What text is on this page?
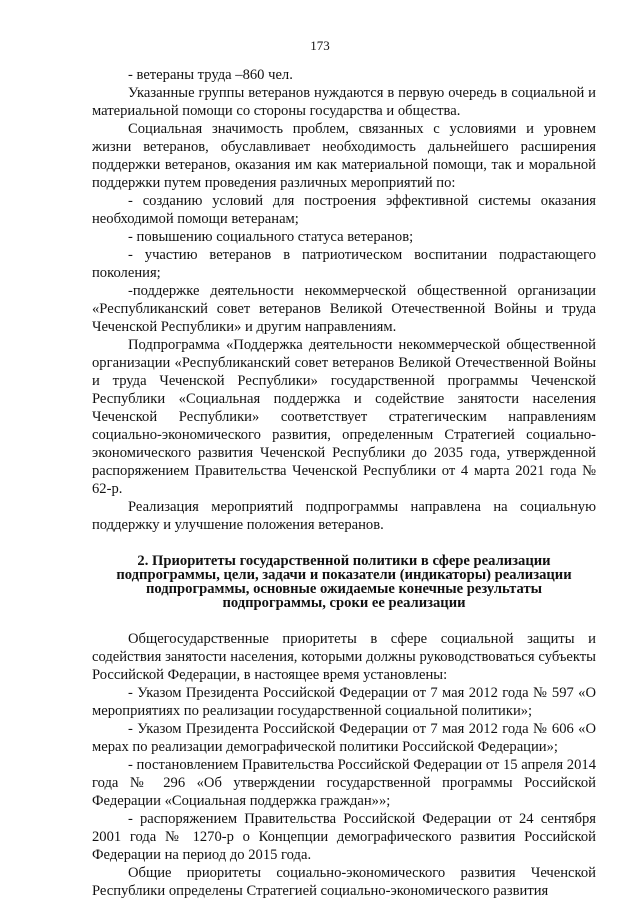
173

- ветераны труда –860 чел.

Указанные группы ветеранов нуждаются в первую очередь в социальной и материальной помощи со стороны государства и общества.

Социальная значимость проблем, связанных с условиями и уровнем жизни ветеранов, обуславливает необходимость дальнейшего расширения поддержки ветеранов, оказания им как материальной помощи, так и моральной поддержки путем проведения различных мероприятий по:

- созданию условий для построения эффективной системы оказания необходимой помощи ветеранам;

- повышению социального статуса ветеранов;

- участию ветеранов в патриотическом воспитании подрастающего поколения;

-поддержке деятельности некоммерческой общественной организации «Республиканский совет ветеранов Великой Отечественной Войны и труда Чеченской Республики» и другим направлениям.

Подпрограмма «Поддержка деятельности некоммерческой общественной организации «Республиканский совет ветеранов Великой Отечественной Войны и труда Чеченской Республики» государственной программы Чеченской Республики «Социальная поддержка и содействие занятости населения Чеченской Республики» соответствует стратегическим направлениям социально-экономического развития, определенным Стратегией социально-экономического развития Чеченской Республики до 2035 года, утвержденной распоряжением Правительства Чеченской Республики от 4 марта 2021 года № 62-р.

Реализация мероприятий подпрограммы направлена на социальную поддержку и улучшение положения ветеранов.

2. Приоритеты государственной политики в сфере реализации подпрограммы, цели, задачи и показатели (индикаторы) реализации подпрограммы, основные ожидаемые конечные результаты подпрограммы, сроки ее реализации

Общегосударственные приоритеты в сфере социальной защиты и содействия занятости населения, которыми должны руководствоваться субъекты Российской Федерации, в настоящее время установлены:

- Указом Президента Российской Федерации от 7 мая 2012 года № 597 «О мероприятиях по реализации государственной социальной политики»;

- Указом Президента Российской Федерации от 7 мая 2012 года № 606 «О мерах по реализации демографической политики Российской Федерации»;

- постановлением Правительства Российской Федерации от 15 апреля 2014 года № 296 «Об утверждении государственной программы Российской Федерации «Социальная поддержка граждан»»;

- распоряжением Правительства Российской Федерации от 24 сентября 2001 года № 1270-р о Концепции демографического развития Российской Федерации на период до 2015 года.

Общие приоритеты социально-экономического развития Чеченской Республики определены Стратегией социально-экономического развития
